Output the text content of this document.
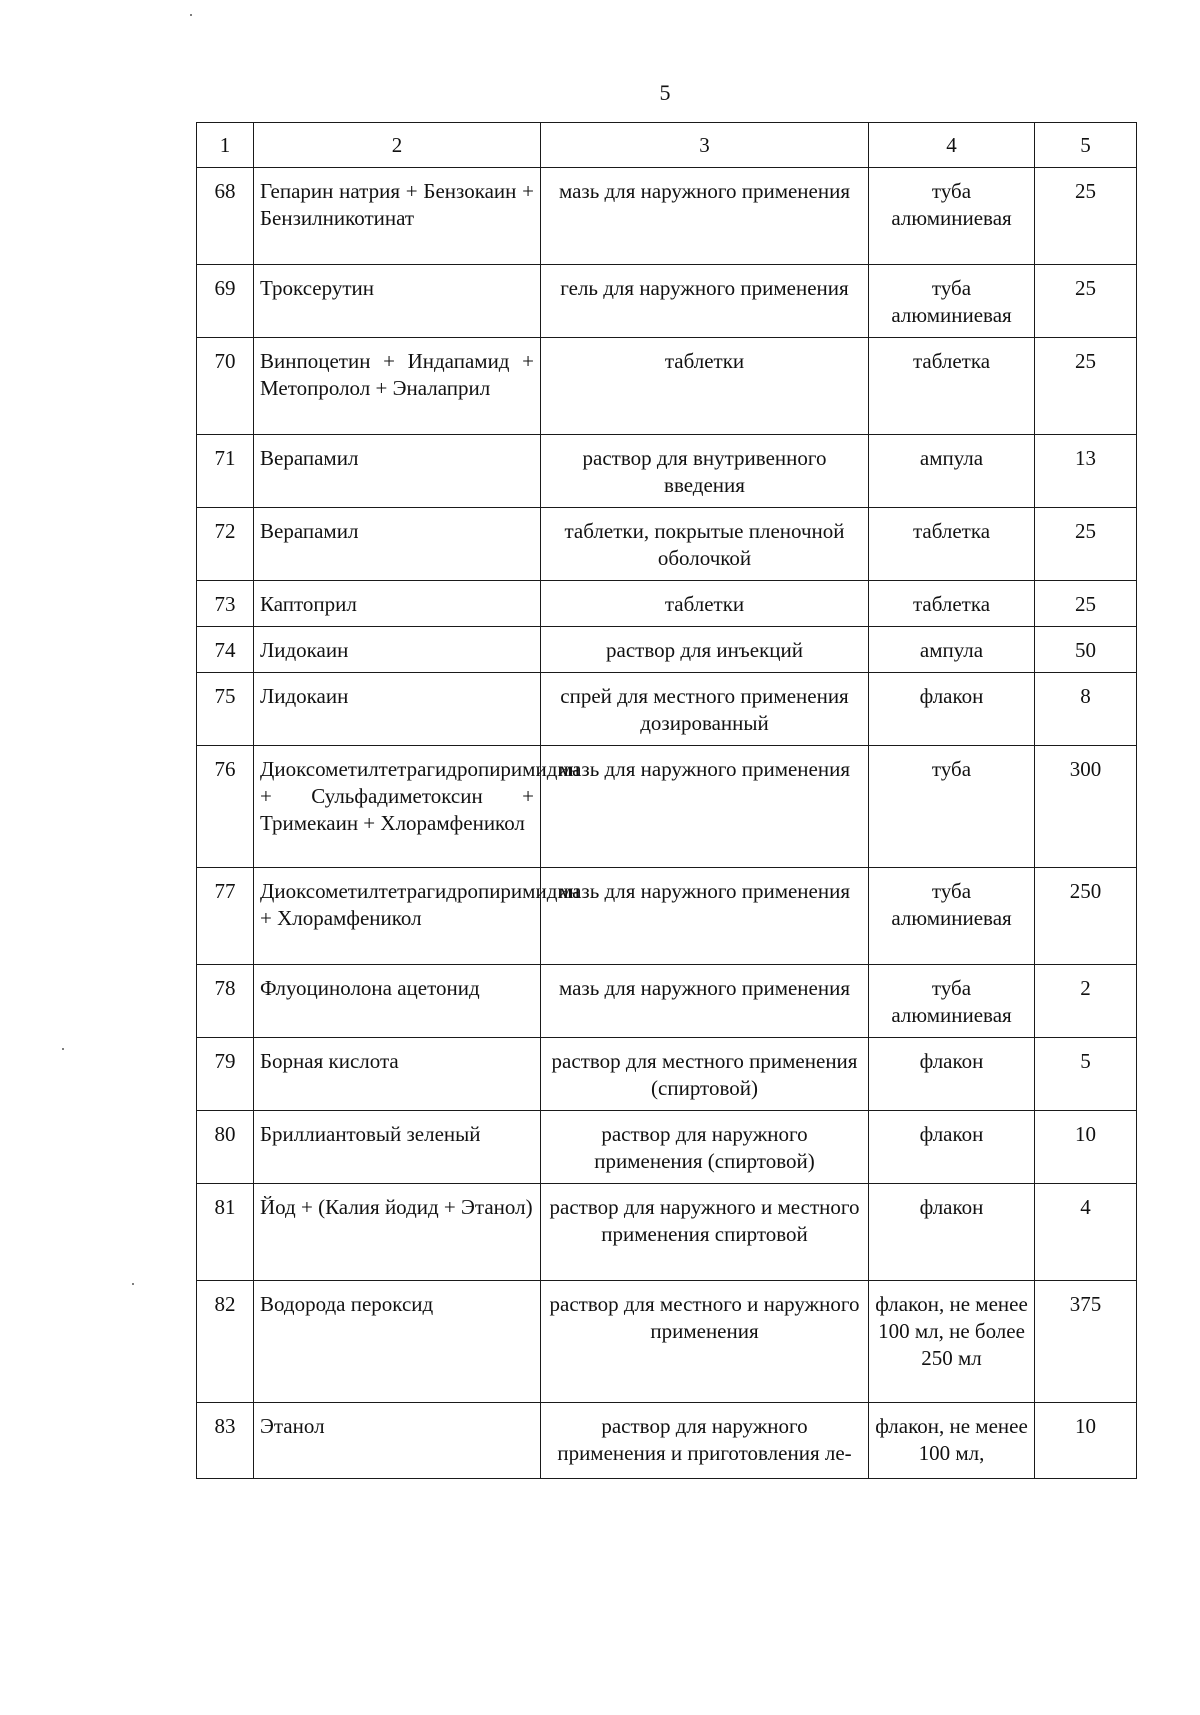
5
1	2	3	4	5
68	Гепарин натрия + Бензокаин + Бензилникотинат	мазь для наружного применения	туба алюминиевая	25
69	Троксерутин	гель для наружного применения	туба алюминиевая	25
70	Винпоцетин + Индапамид + Метопролол + Эналаприл	таблетки	таблетка	25
71	Верапамил	раствор для внутривенного введения	ампула	13
72	Верапамил	таблетки, покрытые пленочной оболочкой	таблетка	25
73	Каптоприл	таблетки	таблетка	25
74	Лидокаин	раствор для инъекций	ампула	50
75	Лидокаин	спрей для местного применения дозированный	флакон	8
76	Диоксометилтетрагидропиримидин + Сульфадиметоксин + Тримекаин + Хлорамфеникол	мазь для наружного применения	туба	300
77	Диоксометилтетрагидропиримидин + Хлорамфеникол	мазь для наружного применения	туба алюминиевая	250
78	Флуоцинолона ацетонид	мазь для наружного применения	туба алюминиевая	2
79	Борная кислота	раствор для местного применения (спиртовой)	флакон	5
80	Бриллиантовый зеленый	раствор для наружного применения (спиртовой)	флакон	10
81	Йод + (Калия йодид + Этанол)	раствор для наружного и местного применения спиртовой	флакон	4
82	Водорода пероксид	раствор для местного и наружного применения	флакон, не менее 100 мл, не более 250 мл	375
83	Этанол	раствор для наружного применения и приготовления ле-	флакон, не менее 100 мл,	10
